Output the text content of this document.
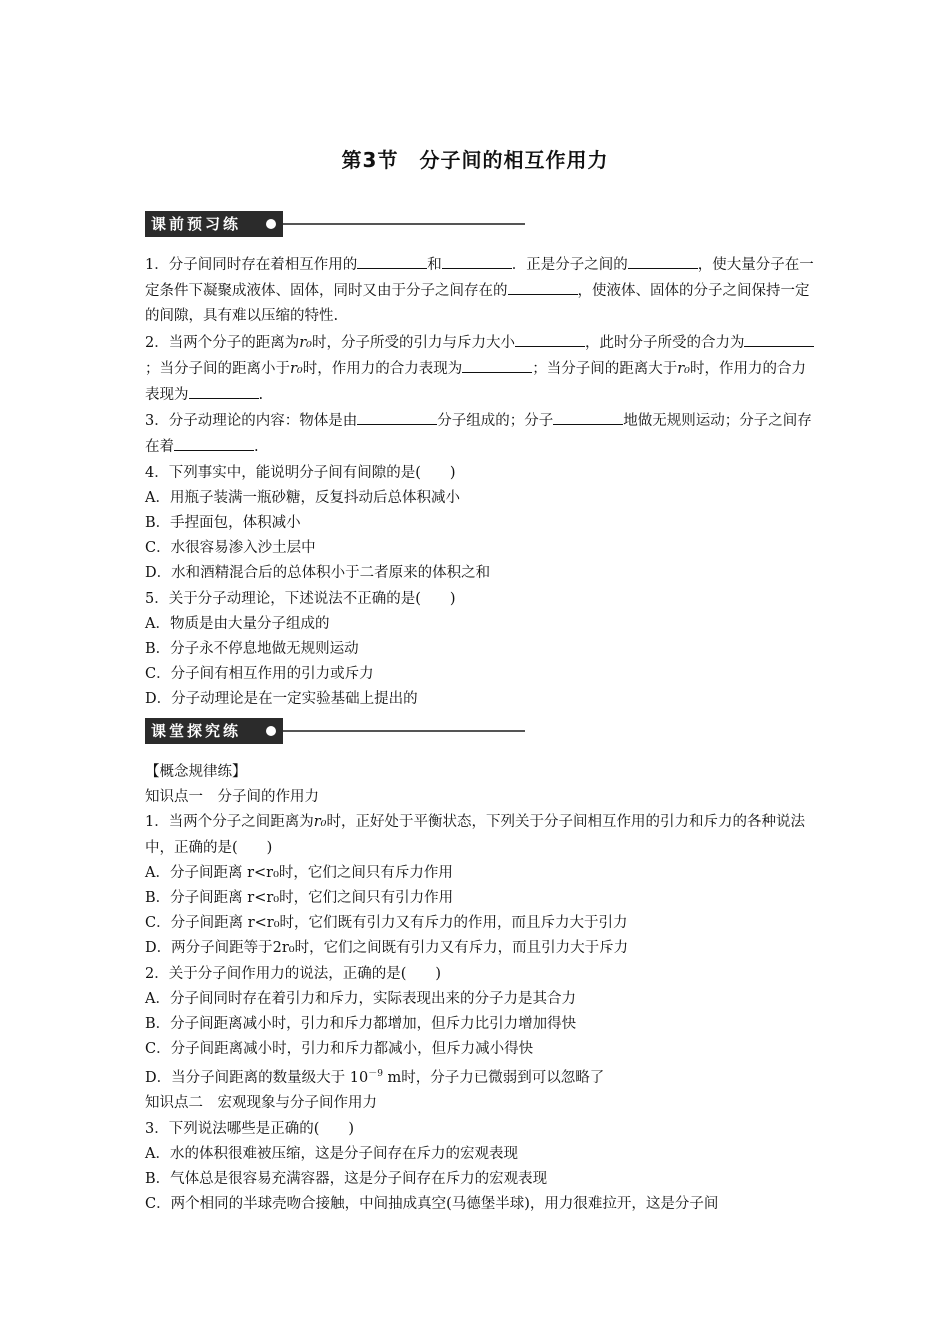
第3节　分子间的相互作用力
课前预习练

1．分子间同时存在着相互作用的	和	．正是分子之间的	，使大量分子在一定条件下凝聚成液体、固体，同时又由于分子之间存在的	，使液体、固体的分子之间保持一定的间隙，具有难以压缩的特性.

2．当两个分子的距离为r₀时，分子所受的引力与斥力大小	，此时分子所受的合力为；当分子间的距离小于r₀时，作用力的合力表现为	；当分子间的距离大于r₀时，作用力的合力表现为	.

3．分子动理论的内容：物体是由	分子组成的；分子	地做无规则运动；分子之间存在着	.

4．下列事实中，能说明分子间有间隙的是(　　)

A．用瓶子装满一瓶砂糖，反复抖动后总体积减小

B．手捏面包，体积减小

C．水很容易渗入沙土层中

D．水和酒精混合后的总体积小于二者原来的体积之和

5．关于分子动理论，下述说法不正确的是(　　)

A．物质是由大量分子组成的

B．分子永不停息地做无规则运动

C．分子间有相互作用的引力或斥力

D．分子动理论是在一定实验基础上提出的

课堂探究练

【概念规律练】

知识点一　分子间的作用力

1．当两个分子之间距离为r₀时，正好处于平衡状态，下列关于分子间相互作用的引力和斥力的各种说法中，正确的是(　　)

A．分子间距离 r<r₀时，它们之间只有斥力作用

B．分子间距离 r<r₀时，它们之间只有引力作用

C．分子间距离 r<r₀时，它们既有引力又有斥力的作用，而且斥力大于引力

D．两分子间距等于2r₀时，它们之间既有引力又有斥力，而且引力大于斥力

2．关于分子间作用力的说法，正确的是(　　)

A．分子间同时存在着引力和斥力，实际表现出来的分子力是其合力

B．分子间距离减小时，引力和斥力都增加，但斥力比引力增加得快

C．分子间距离减小时，引力和斥力都减小，但斥力减小得快

D．当分子间距离的数量级大于 $10^{-9}$ m时，分子力已微弱到可以忽略了

知识点二　宏观现象与分子间作用力

3．下列说法哪些是正确的(　　)

A．水的体积很难被压缩，这是分子间存在斥力的宏观表现

B．气体总是很容易充满容器，这是分子间存在斥力的宏观表现

C．两个相同的半球壳吻合接触，中间抽成真空(马德堡半球)，用力很难拉开，这是分子间
